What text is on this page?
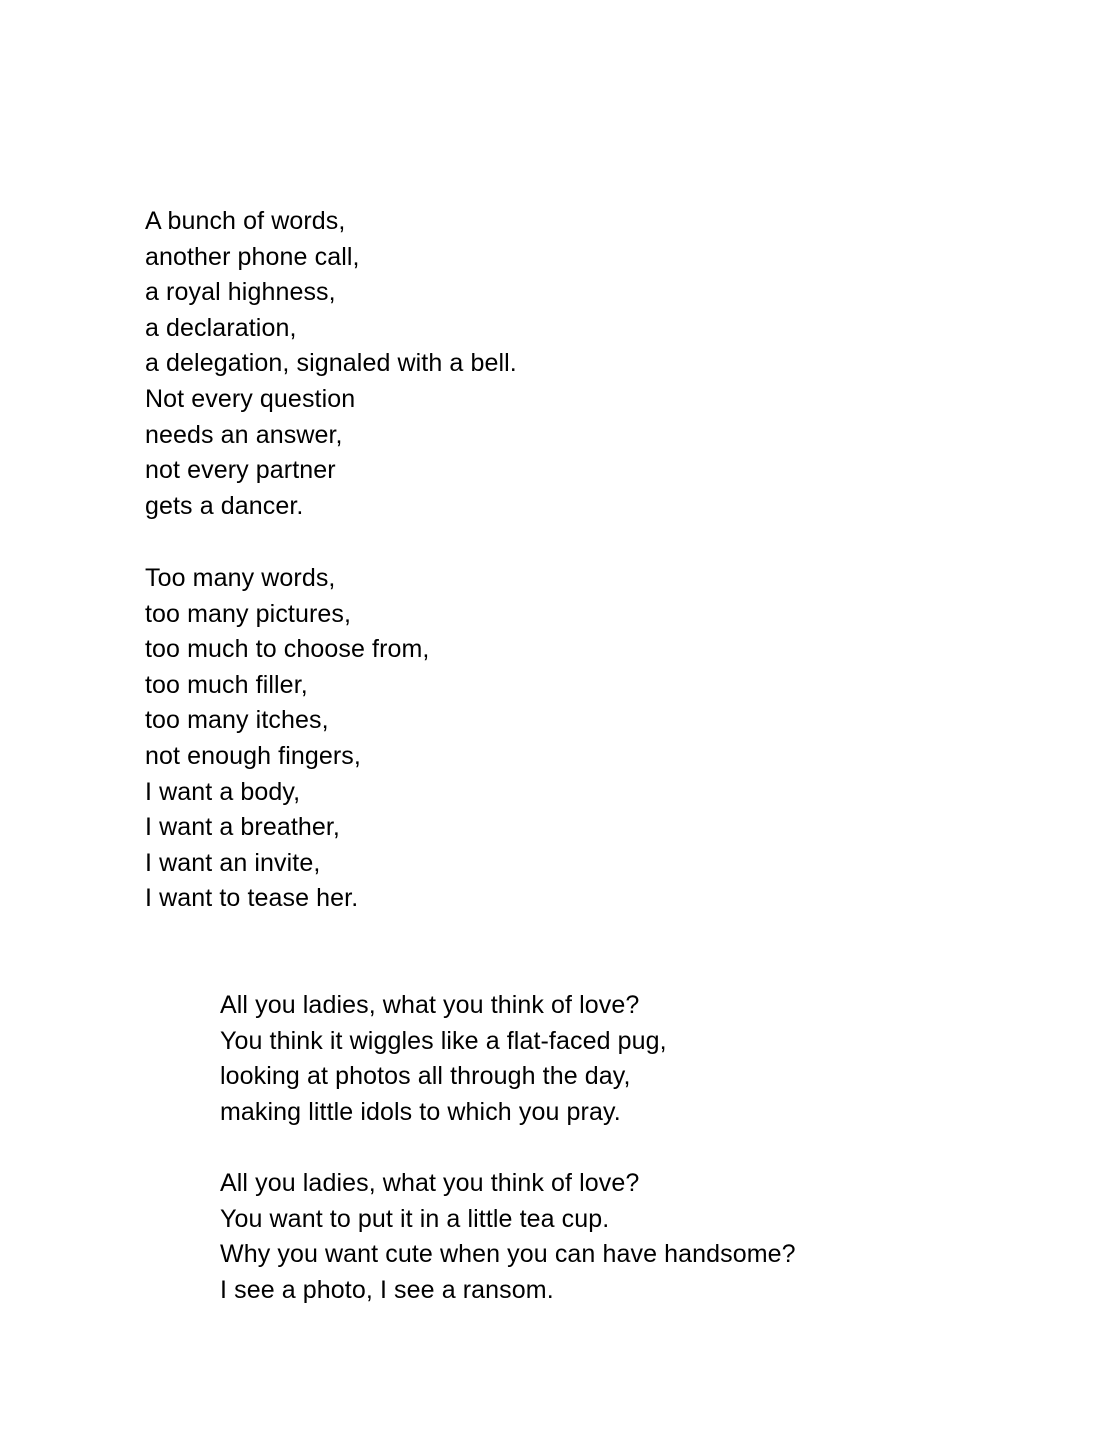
A bunch of words,
another phone call,
a royal highness,
a declaration,
a delegation, signaled with a bell.
Not every question
needs an answer,
not every partner
gets a dancer.
Too many words,
too many pictures,
too much to choose from,
too much filler,
too many itches,
not enough fingers,
I want a body,
I want a breather,
I want an invite,
I want to tease her.
All you ladies, what you think of love?
You think it wiggles like a flat-faced pug,
looking at photos all through the day,
making little idols to which you pray.
All you ladies, what you think of love?
You want to put it in a little tea cup.
Why you want cute when you can have handsome?
I see a photo, I see a ransom.
